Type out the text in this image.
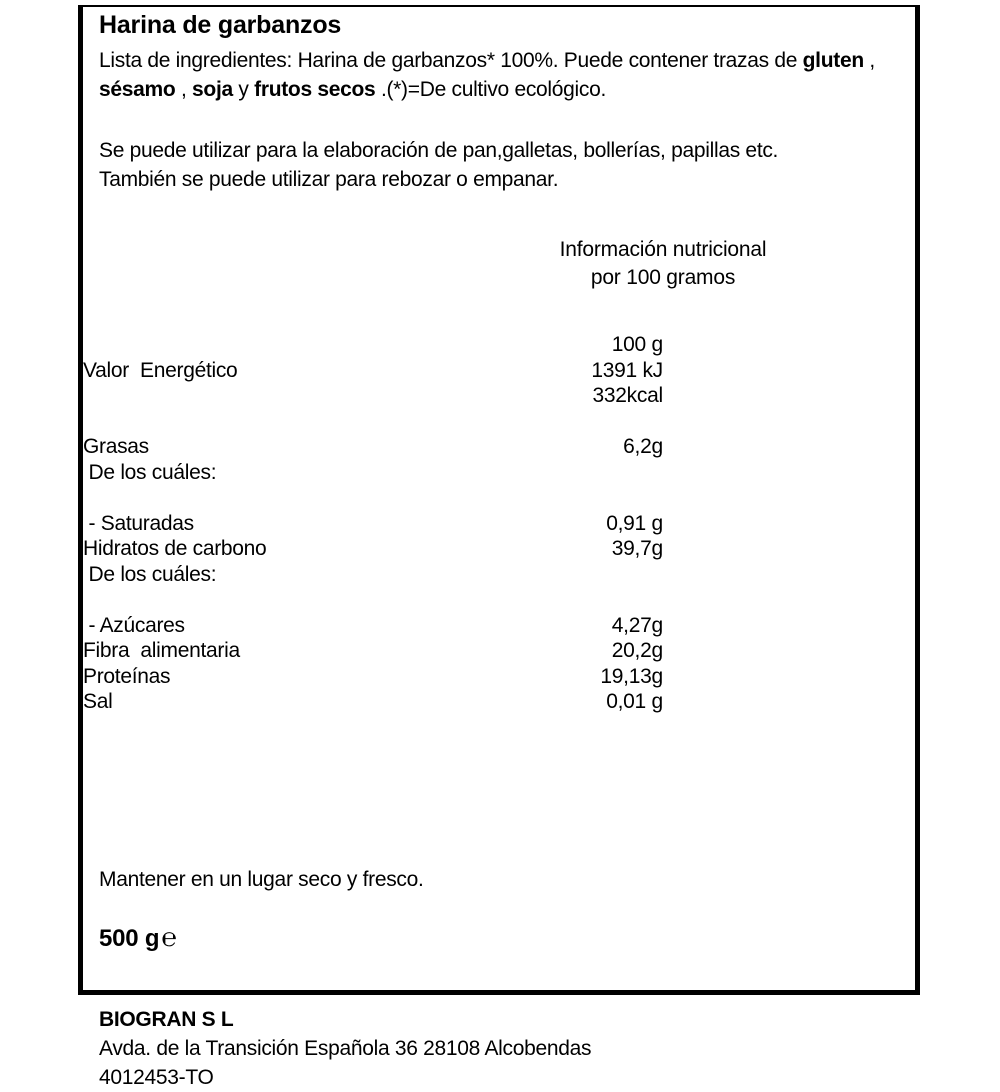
Harina de garbanzos
Lista de ingredientes: Harina de garbanzos* 100%. Puede contener trazas de gluten , sésamo , soja y frutos secos .(*)=De cultivo ecológico.
Se puede utilizar para la elaboración de pan,galletas, bollerías, papillas etc.
También se puede utilizar para rebozar o empanar.
Información nutricional
por 100 gramos
	100 g	
Valor  Energético	1391 kJ	
	332kcal	

Grasas	6,2g	
De los cuáles:		

- Saturadas	0,91 g	
Hidratos de carbono	39,7g	
De los cuáles:		

- Azúcares	4,27g	
Fibra  alimentaria	20,2g	
Proteínas	19,13g	
Sal	0,01 g	
Mantener en un lugar seco y fresco.
500 g℮
BIOGRAN S L
Avda. de la Transición Española 36 28108 Alcobendas
4012453-TO
